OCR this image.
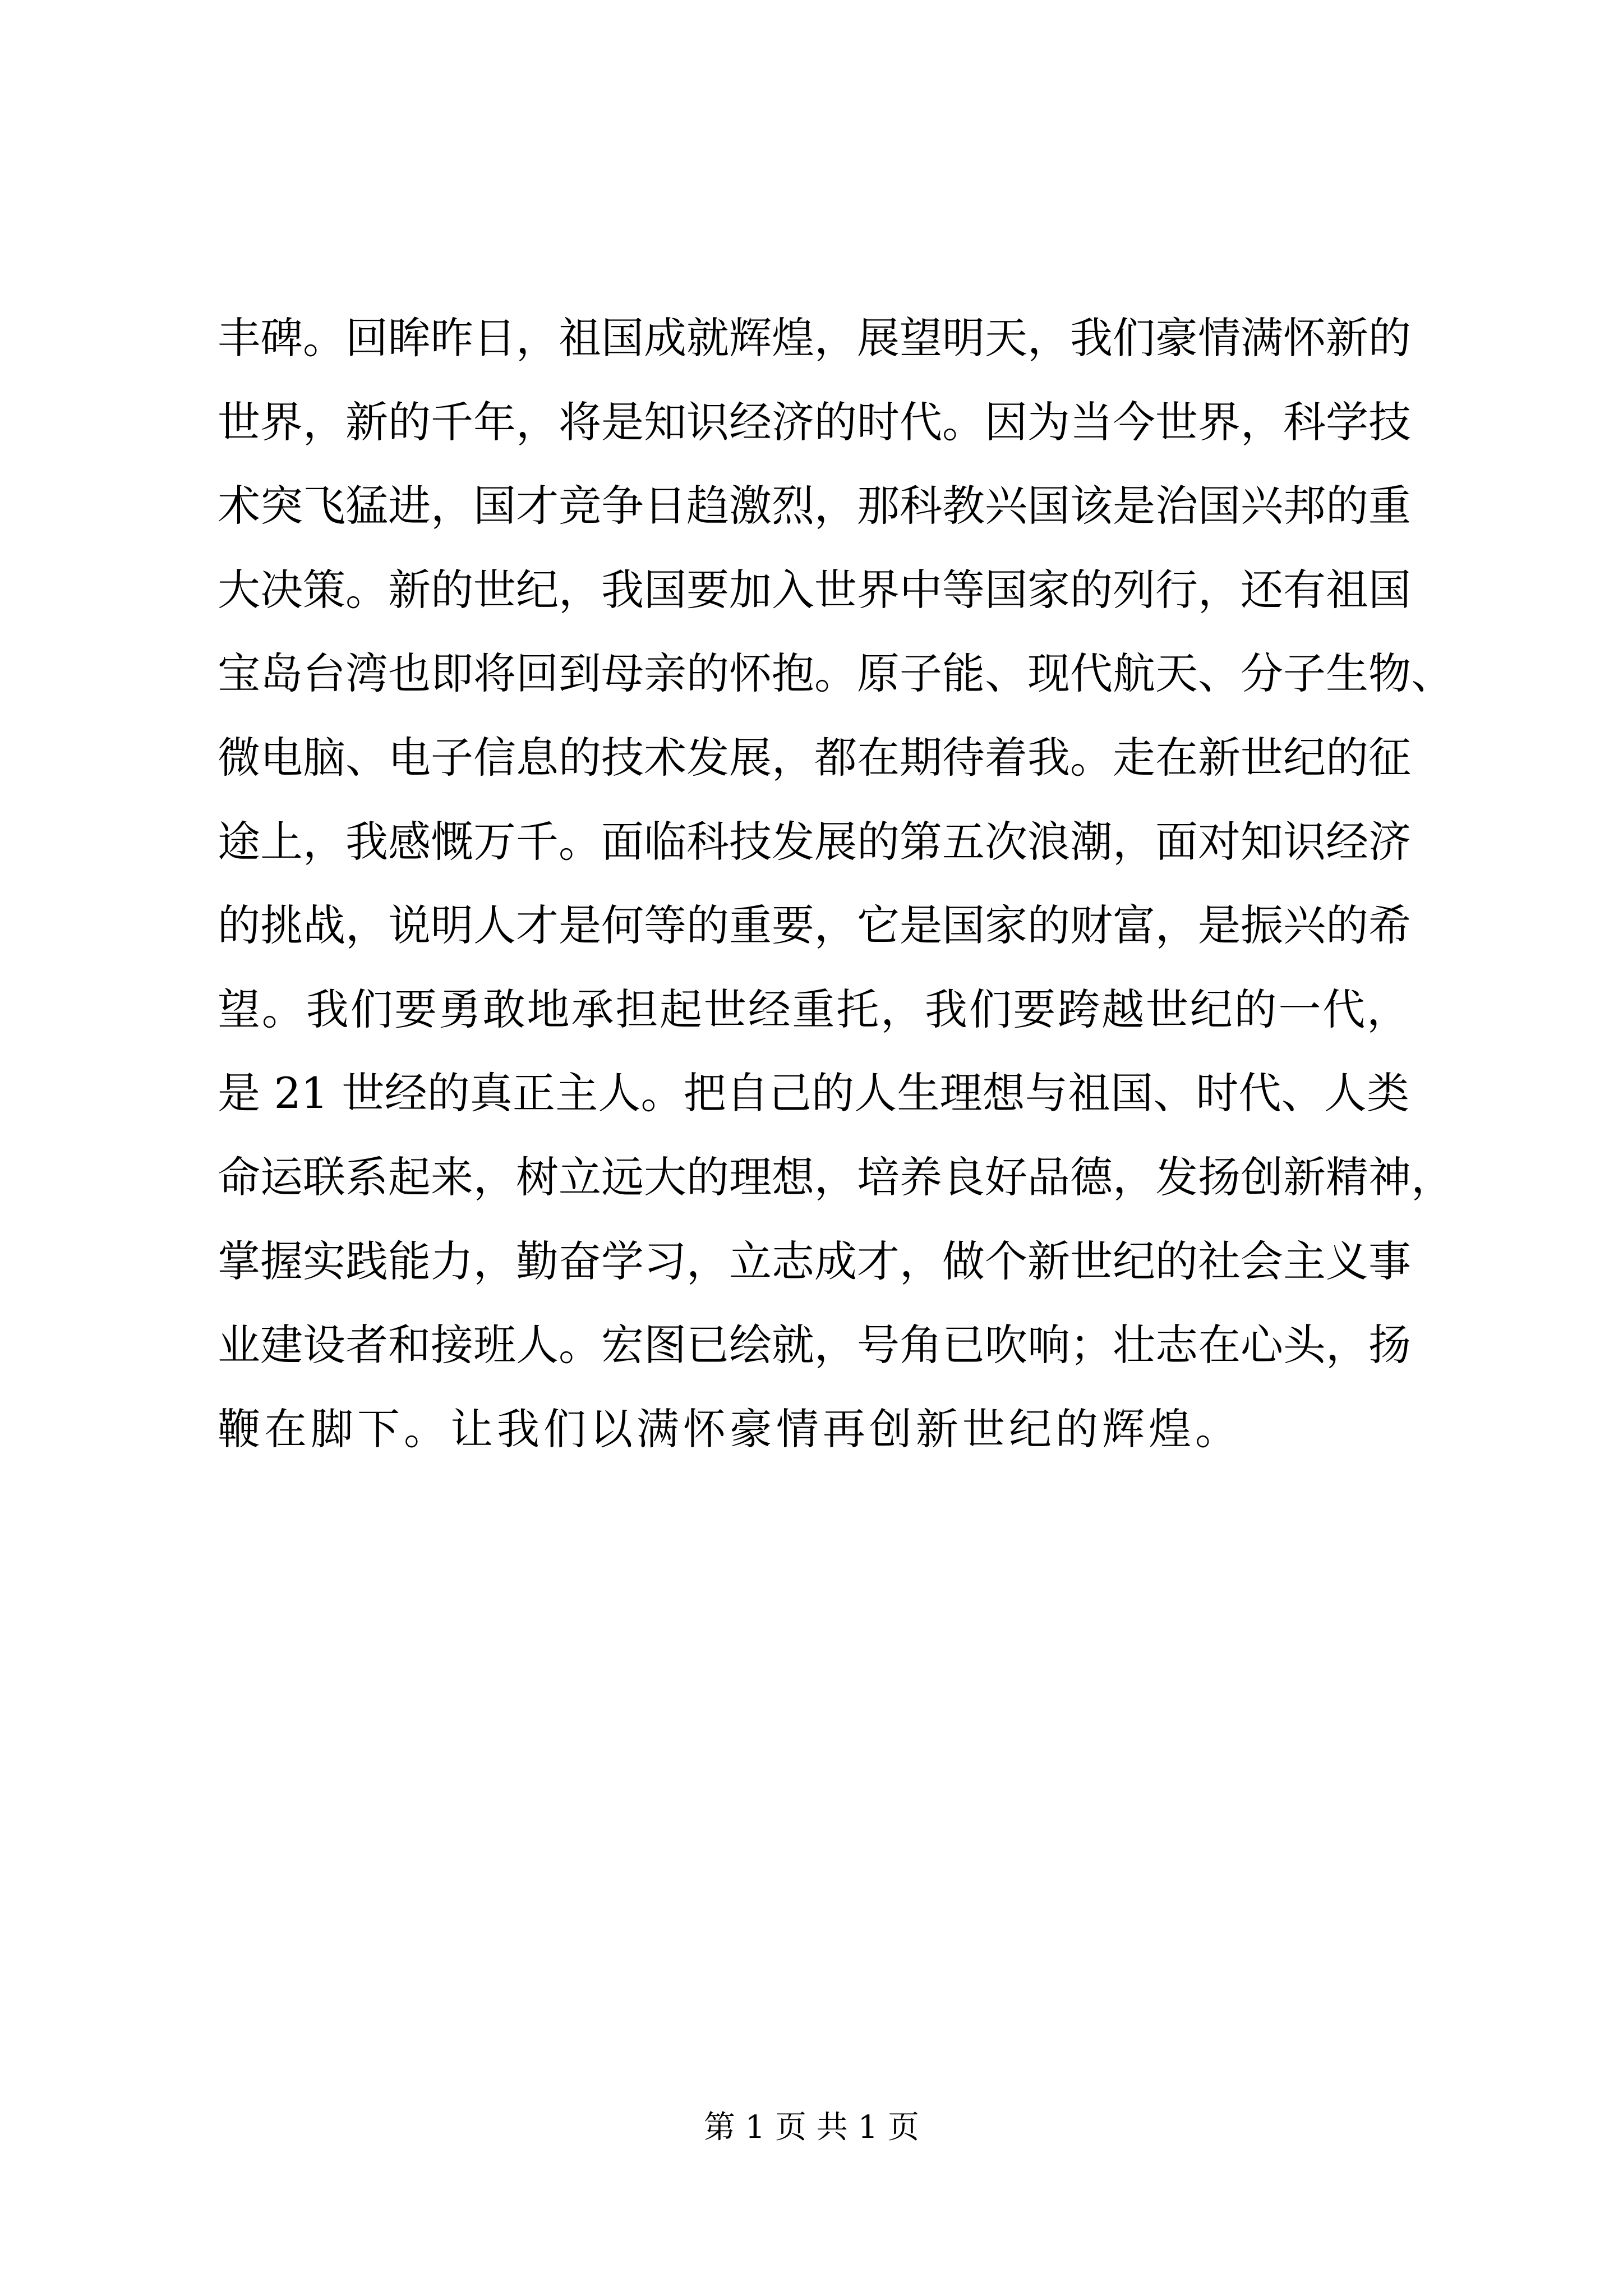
丰碑。回眸昨日，祖国成就辉煌，展望明天，我们豪情满怀新的
世界，新的千年，将是知识经济的时代。因为当今世界，科学技
术突飞猛进，国才竞争日趋激烈，那科教兴国该是治国兴邦的重
大决策。新的世纪，我国要加入世界中等国家的列行，还有祖国
宝岛台湾也即将回到母亲的怀抱。原子能、现代航天、分子生物、
微电脑、电子信息的技术发展，都在期待着我。走在新世纪的征
途上，我感慨万千。面临科技发展的第五次浪潮，面对知识经济
的挑战，说明人才是何等的重要，它是国家的财富，是振兴的希
望。我们要勇敢地承担起世经重托，我们要跨越世纪的一代，
是 21 世经的真正主人。把自己的人生理想与祖国、时代、人类
命运联系起来，树立远大的理想，培养良好品德，发扬创新精神，
掌握实践能力，勤奋学习，立志成才，做个新世纪的社会主义事
业建设者和接班人。宏图已绘就，号角已吹响；壮志在心头，扬
鞭在脚下。让我们以满怀豪情再创新世纪的辉煌。
第 1 页 共 1 页
